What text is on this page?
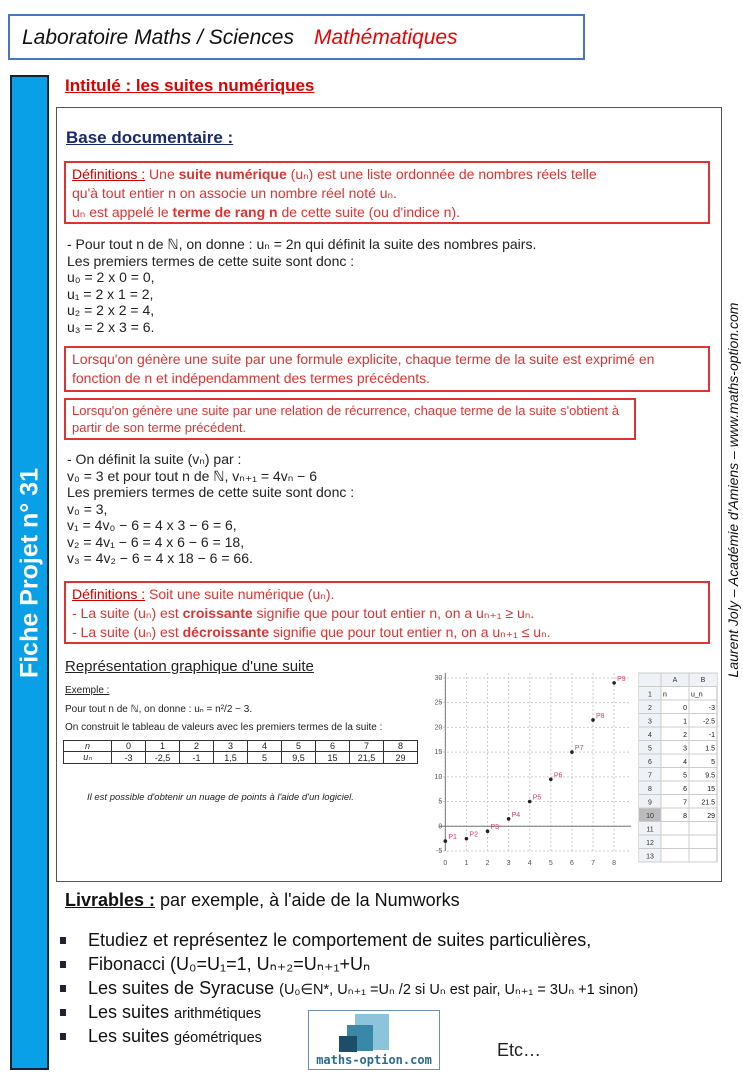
Laboratoire Maths / Sciences Mathématiques
Fiche Projet n° 31	Laurent Joly – Académie d'Amiens – www.maths-option.com
Intitulé : les suites numériques
Base documentaire :
Définitions : Une suite numérique (uₙ) est une liste ordonnée de nombres réels telle
qu'à tout entier n on associe un nombre réel noté uₙ.
uₙ est appelé le terme de rang n de cette suite (ou d'indice n).
- Pour tout n de ℕ, on donne : uₙ = 2n qui définit la suite des nombres pairs.
Les premiers termes de cette suite sont donc :
u₀ = 2 x 0 = 0,
u₁ = 2 x 1 = 2,
u₂ = 2 x 2 = 4,
u₃ = 2 x 3 = 6.
Lorsqu'on génère une suite par une formule explicite, chaque terme de la suite est exprimé en fonction de n et indépendamment des termes précédents.
Lorsqu'on génère une suite par une relation de récurrence, chaque terme de la suite s'obtient à partir de son terme précédent.
- On définit la suite (vₙ) par :
v₀ = 3 et pour tout n de ℕ, vₙ₊₁ = 4vₙ − 6
Les premiers termes de cette suite sont donc :
v₀ = 3,
v₁ = 4v₀ − 6 = 4 x 3 − 6 = 6,
v₂ = 4v₁ − 6 = 4 x 6 − 6 = 18,
v₃ = 4v₂ − 6 = 4 x 18 − 6 = 66.
Définitions : Soit une suite numérique (uₙ).
- La suite (uₙ) est croissante signifie que pour tout entier n, on a uₙ₊₁ ≥ uₙ.
- La suite (uₙ) est décroissante signifie que pour tout entier n, on a uₙ₊₁ ≤ uₙ.
Représentation graphique d'une suite
Exemple :
Pour tout n de ℕ, on donne : uₙ = n²/2 − 3.
On construit le tableau de valeurs avec les premiers termes de la suite :
n	0	1	2	3	4	5	6	7	8
uₙ	-3	-2,5	-1	1,5	5	9,5	15	21,5	29
Il est possible d'obtenir un nuage de points à l'aide d'un logiciel.
0 1 2 3 4 5 6 7 8
-5
0
5
10
15
20
25
30
P1 P2
P3
P4
P5
P6
P7
P8
P9	A	B
1 n	u_n
2	0	-3
3	1 -2.5
4	2	-1
5	3	1.5
6	4	5
7	5	9.5
8	6	15
9	7 21.5
10	8	29
11
12
13
Livrables : par exemple, à l'aide de la Numworks
Etudiez et représentez le comportement de suites particulières,
Fibonacci (U₀=U₁=1, Uₙ₊₂=Uₙ₊₁+Uₙ
Les suites de Syracuse (U₀∈N*, Uₙ₊₁ =Uₙ /2 si Uₙ est pair, Uₙ₊₁ = 3Uₙ +1 sinon)
Les suites arithmétiques
Les suites géométriques
maths-option.com	Etc…
